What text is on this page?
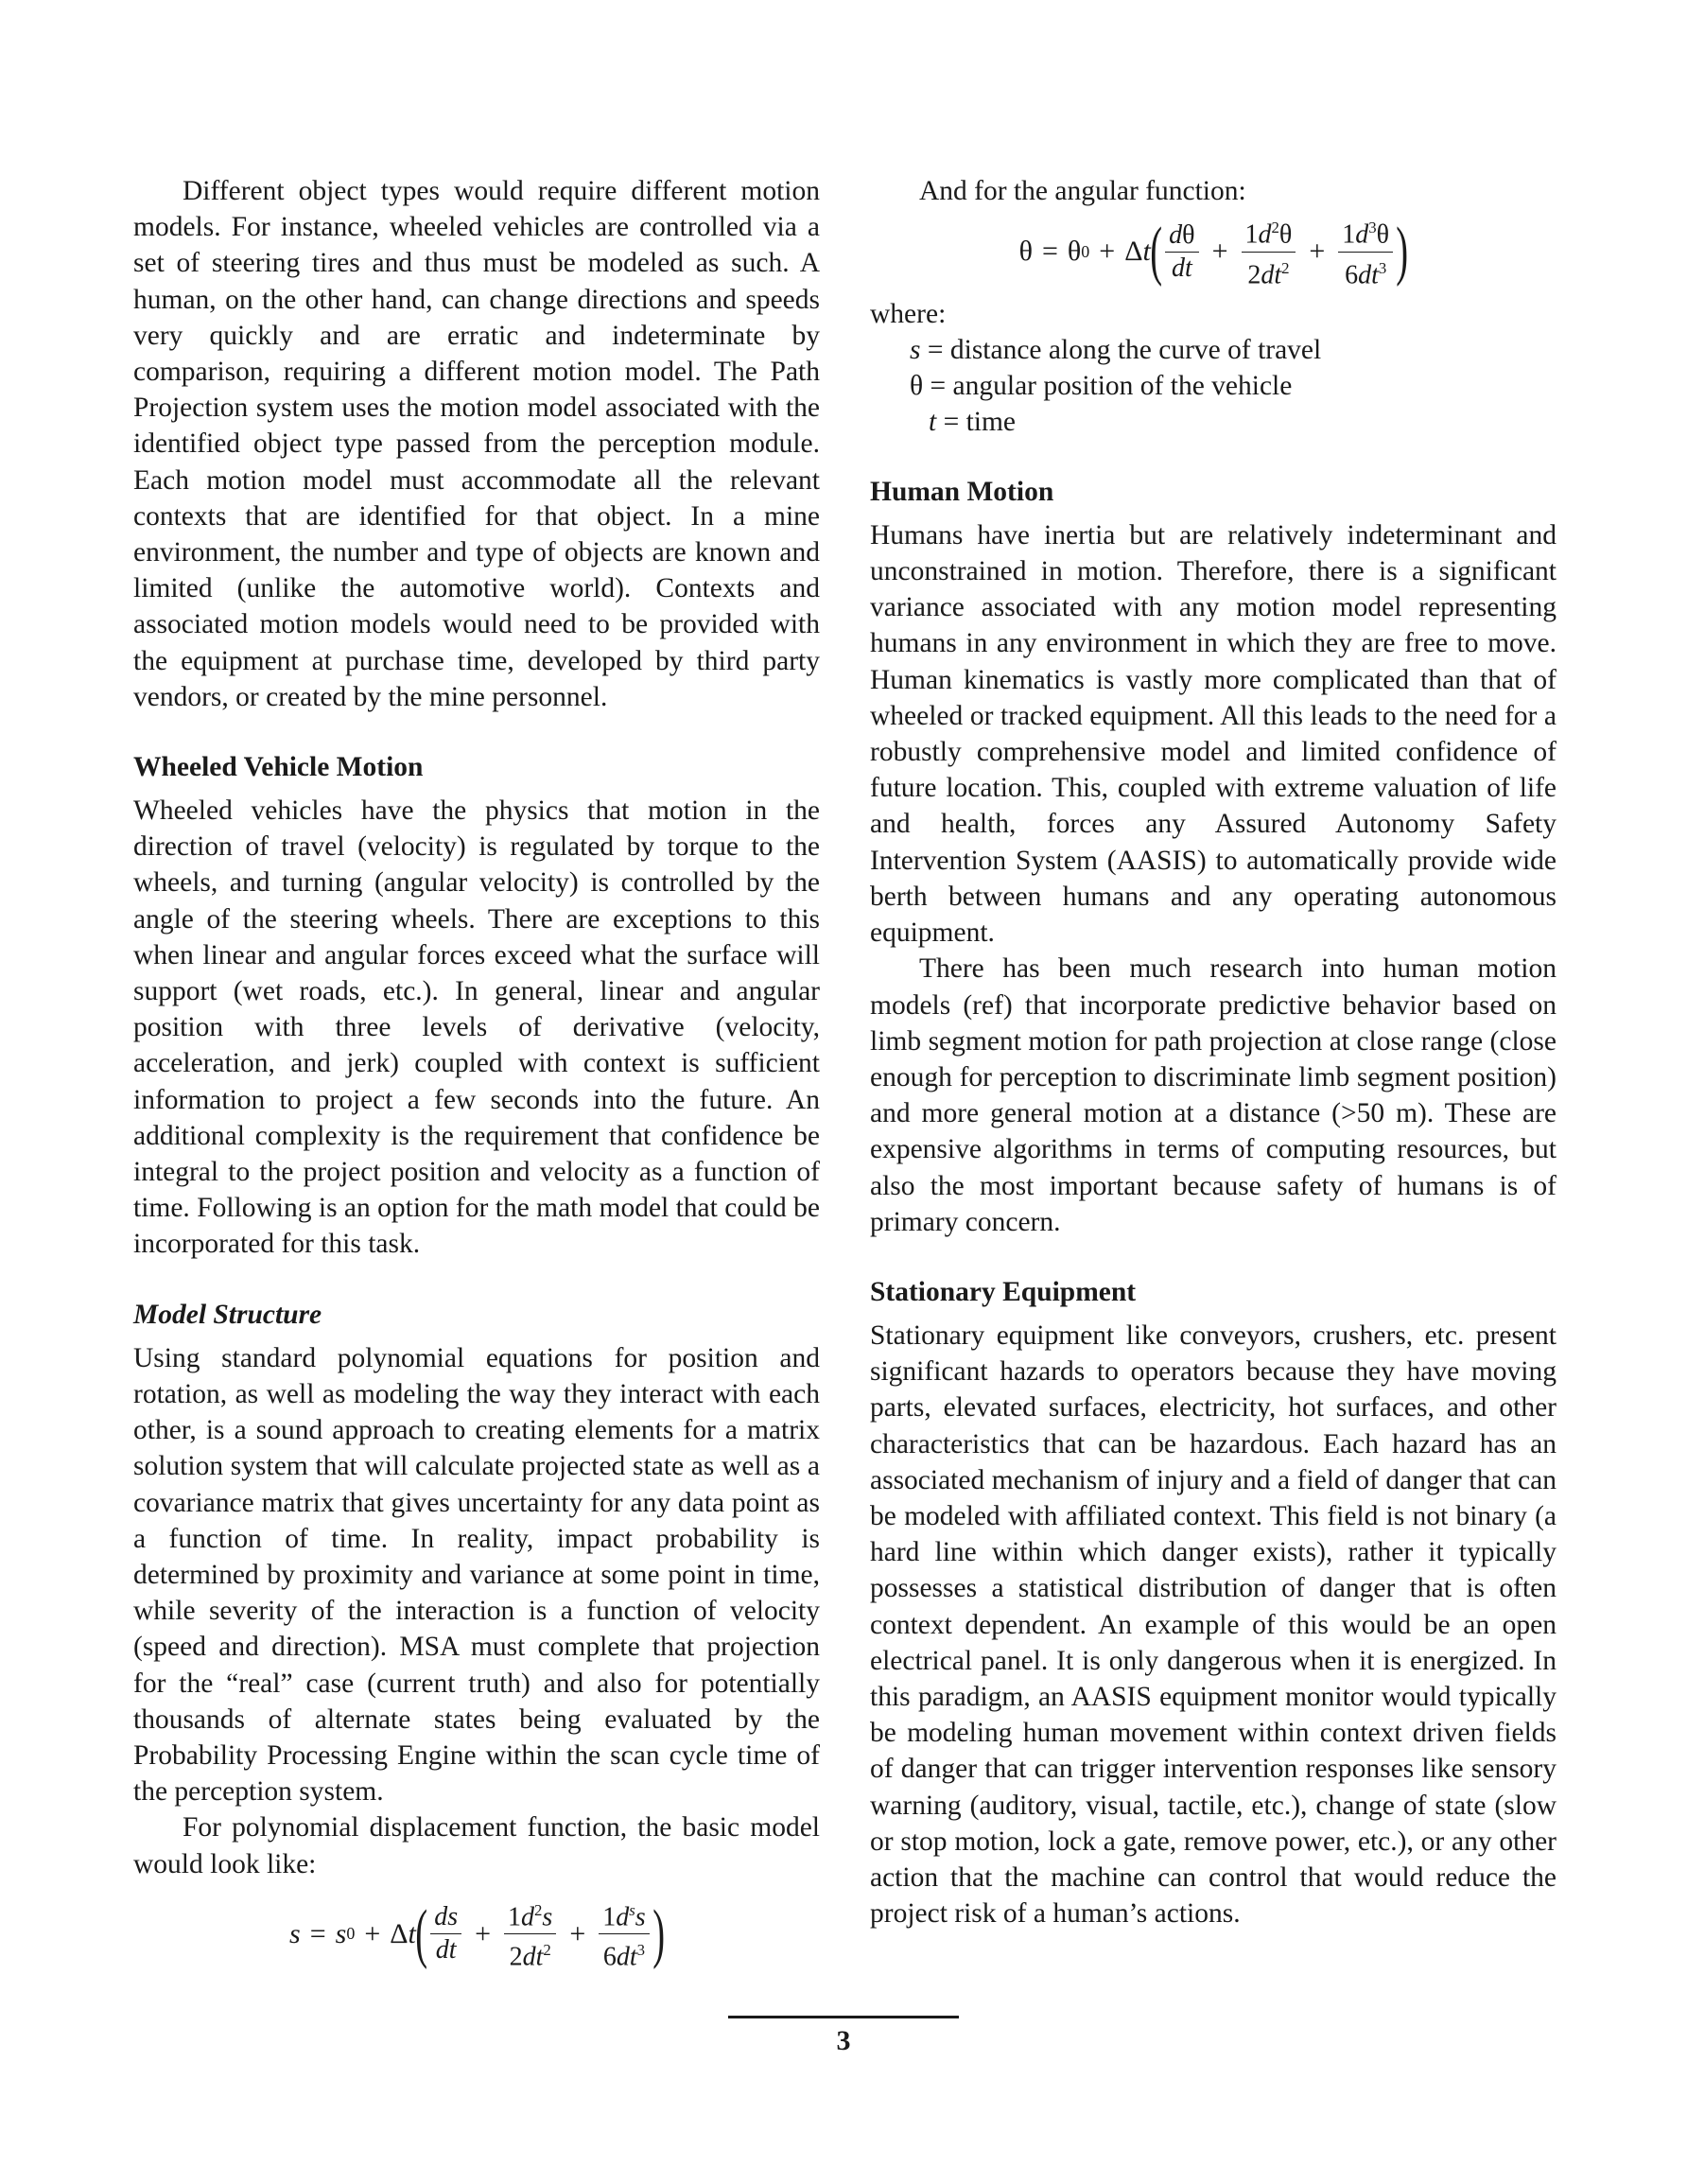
Different object types would require different motion models. For instance, wheeled vehicles are controlled via a set of steering tires and thus must be modeled as such. A human, on the other hand, can change directions and speeds very quickly and are erratic and indeterminate by comparison, requiring a different motion model. The Path Projection system uses the motion model associated with the identified object type passed from the perception module. Each motion model must accommodate all the relevant contexts that are identified for that object. In a mine environment, the number and type of objects are known and limited (unlike the automotive world). Contexts and associated motion models would need to be provided with the equipment at purchase time, developed by third party vendors, or created by the mine personnel.

Wheeled Vehicle Motion

Wheeled vehicles have the physics that motion in the direction of travel (velocity) is regulated by torque to the wheels, and turning (angular velocity) is controlled by the angle of the steering wheels. There are exceptions to this when linear and angular forces exceed what the surface will support (wet roads, etc.). In general, linear and angular position with three levels of derivative (velocity, acceleration, and jerk) coupled with context is sufficient information to project a few seconds into the future. An additional complexity is the requirement that confidence be integral to the project position and velocity as a function of time. Following is an option for the math model that could be incorporated for this task.

Model Structure

Using standard polynomial equations for position and rotation, as well as modeling the way they interact with each other, is a sound approach to creating elements for a matrix solution system that will calculate projected state as well as a covariance matrix that gives uncertainty for any data point as a function of time. In reality, impact probability is determined by proximity and variance at some point in time, while severity of the interaction is a function of velocity (speed and direction). MSA must complete that projection for the “real” case (current truth) and also for potentially thousands of alternate states being evaluated by the Probability Processing Engine within the scan cycle time of the perception system.

For polynomial displacement function, the basic model would look like:

s = s 0 + Δ t ( $\frac{ds}{dt} + \frac{1d^2s}{2dt^2} + \frac{1d^ss}{6dt^3}$ )

And for the angular function:

θ = θ 0 + Δ t ( $\frac{d\theta}{dt} + \frac{1d^2\theta}{2dt^2} + \frac{1d^3\theta}{6dt^3}$ )

where:

s = distance along the curve of travel

θ = angular position of the vehicle

t = time

Human Motion

Humans have inertia but are relatively indeterminant and unconstrained in motion. Therefore, there is a significant variance associated with any motion model representing humans in any environment in which they are free to move. Human kinematics is vastly more complicated than that of wheeled or tracked equipment. All this leads to the need for a robustly comprehensive model and limited confidence of future location. This, coupled with extreme valuation of life and health, forces any Assured Autonomy Safety Intervention System (AASIS) to automatically provide wide berth between humans and any operating autonomous equipment.

There has been much research into human motion models (ref) that incorporate predictive behavior based on limb segment motion for path projection at close range (close enough for perception to discriminate limb segment position) and more general motion at a distance (>50 m). These are expensive algorithms in terms of computing resources, but also the most important because safety of humans is of primary concern.

Stationary Equipment

Stationary equipment like conveyors, crushers, etc. present significant hazards to operators because they have moving parts, elevated surfaces, electricity, hot surfaces, and other characteristics that can be hazardous. Each hazard has an associated mechanism of injury and a field of danger that can be modeled with affiliated context. This field is not binary (a hard line within which danger exists), rather it typically possesses a statistical distribution of danger that is often context dependent. An example of this would be an open electrical panel. It is only dangerous when it is energized. In this paradigm, an AASIS equipment monitor would typically be modeling human movement within context driven fields of danger that can trigger intervention responses like sensory warning (auditory, visual, tactile, etc.), change of state (slow or stop motion, lock a gate, remove power, etc.), or any other action that the machine can control that would reduce the project risk of a human’s actions.

3
